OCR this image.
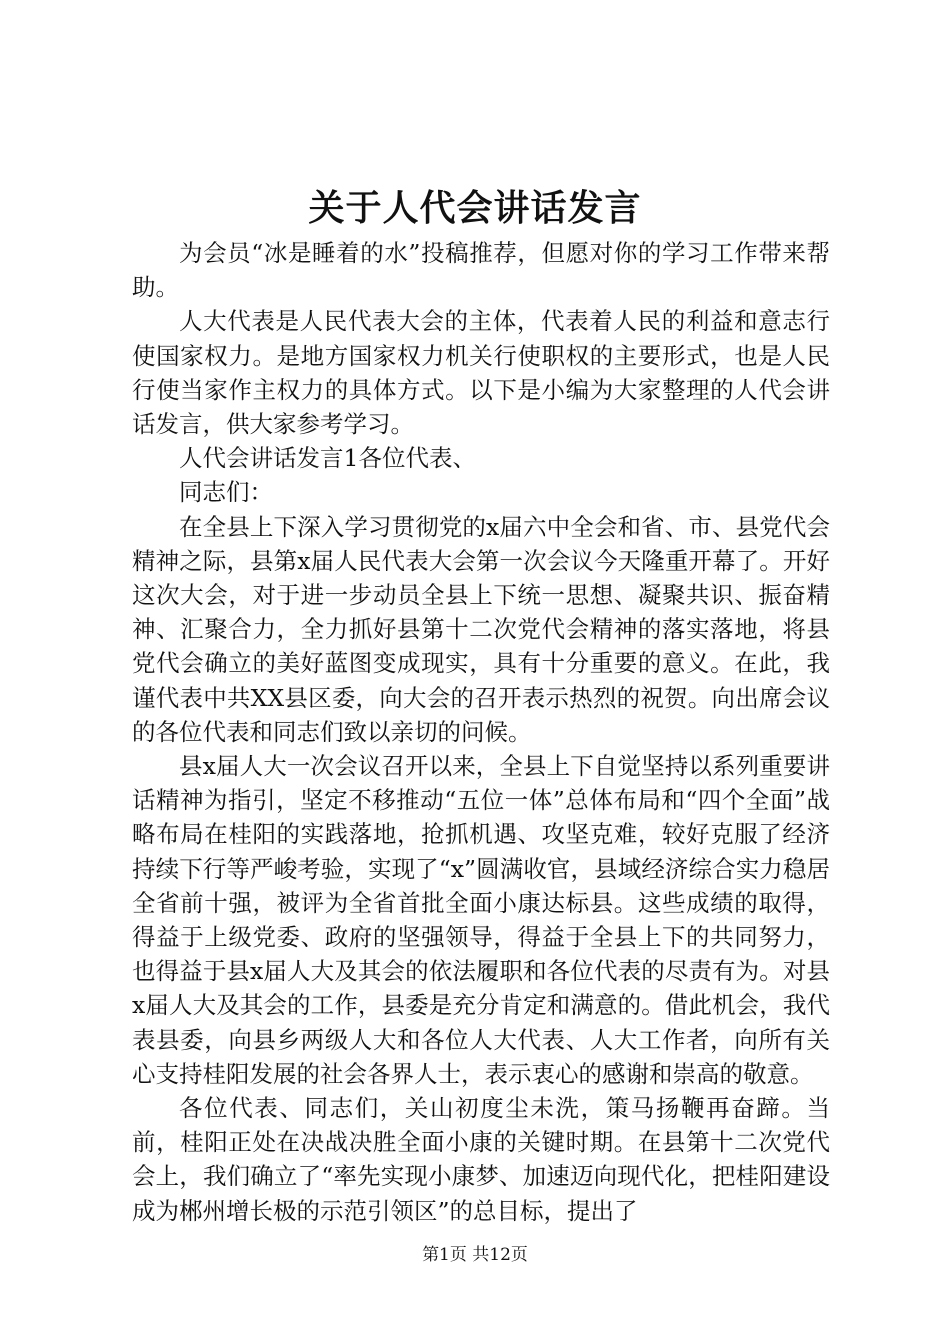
关于人代会讲话发言

为会员“冰是睡着的水”投稿推荐，但愿对你的学习工作带来帮助。

人大代表是人民代表大会的主体，代表着人民的利益和意志行使国家权力。是地方国家权力机关行使职权的主要形式，也是人民行使当家作主权力的具体方式。以下是小编为大家整理的人代会讲话发言，供大家参考学习。

人代会讲话发言1各位代表、

同志们：

在全县上下深入学习贯彻党的x届六中全会和省、市、县党代会精神之际，县第x届人民代表大会第一次会议今天隆重开幕了。开好这次大会，对于进一步动员全县上下统一思想、凝聚共识、振奋精神、汇聚合力，全力抓好县第十二次党代会精神的落实落地，将县党代会确立的美好蓝图变成现实，具有十分重要的意义。在此，我谨代表中共XX县区委，向大会的召开表示热烈的祝贺。向出席会议的各位代表和同志们致以亲切的问候。

县x届人大一次会议召开以来，全县上下自觉坚持以系列重要讲话精神为指引，坚定不移推动“五位一体”总体布局和“四个全面”战略布局在桂阳的实践落地，抢抓机遇、攻坚克难，较好克服了经济持续下行等严峻考验，实现了“x”圆满收官，县域经济综合实力稳居全省前十强，被评为全省首批全面小康达标县。这些成绩的取得，得益于上级党委、政府的坚强领导，得益于全县上下的共同努力，也得益于县x届人大及其会的依法履职和各位代表的尽责有为。对县x届人大及其会的工作，县委是充分肯定和满意的。借此机会，我代表县委，向县乡两级人大和各位人大代表、人大工作者，向所有关心支持桂阳发展的社会各界人士，表示衷心的感谢和崇高的敬意。

各位代表、同志们，关山初度尘未洗，策马扬鞭再奋蹄。当前，桂阳正处在决战决胜全面小康的关键时期。在县第十二次党代会上，我们确立了“率先实现小康梦、加速迈向现代化，把桂阳建设成为郴州增长极的示范引领区”的总目标，提出了

第1页 共12页
